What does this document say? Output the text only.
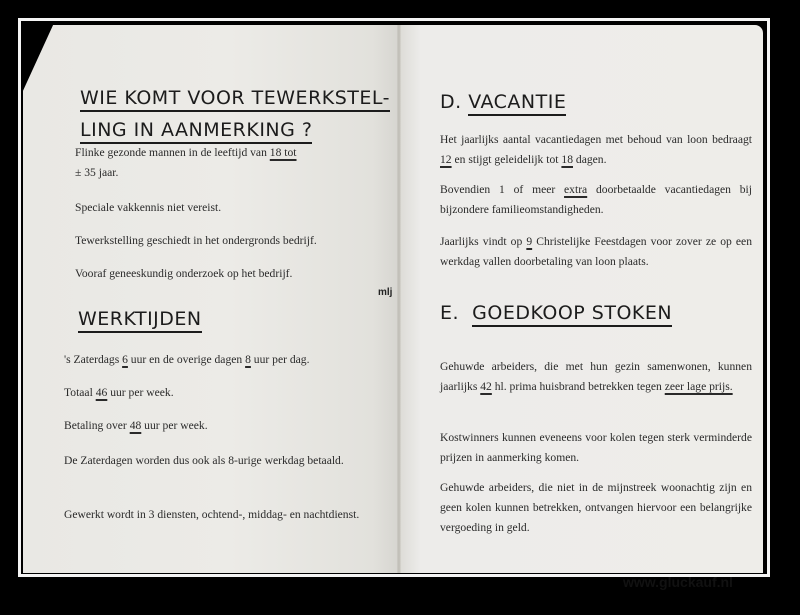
WIE KOMT VOOR TEWERKSTEL-
LING IN AANMERKING ?

Flinke gezonde mannen in de leeftijd van 18 tot
± 35 jaar.

Speciale vakkennis niet vereist.

Tewerkstelling geschiedt in het ondergronds bedrijf.

Vooraf geneeskundig onderzoek op het bedrijf.

WERKTIJDEN

's Zaterdags 6 uur en de overige dagen 8 uur per dag.

Totaal 46 uur per week.

Betaling over 48 uur per week.

De Zaterdagen worden dus ook als 8-urige werkdag betaald.

Gewerkt wordt in 3 diensten, ochtend-, middag- en nachtdienst.

mlj
D. VACANTIE

Het jaarlijks aantal vacantiedagen met behoud van loon bedraagt 12 en stijgt geleidelijk tot 18 dagen.

Bovendien 1 of meer extra doorbetaalde vacantiedagen bij bijzondere familieomstandigheden.

Jaarlijks vindt op 9 Christelijke Feestdagen voor zover ze op een werkdag vallen doorbetaling van loon plaats.

E. GOEDKOOP STOKEN

Gehuwde arbeiders, die met hun gezin samenwonen, kunnen jaarlijks 42 hl. prima huisbrand betrekken tegen zeer lage prijs.

Kostwinners kunnen eveneens voor kolen tegen sterk verminderde prijzen in aanmerking komen.

Gehuwde arbeiders, die niet in de mijnstreek woonachtig zijn en geen kolen kunnen betrekken, ontvangen hiervoor een belangrijke vergoeding in geld.

www.gluckauf.nl
